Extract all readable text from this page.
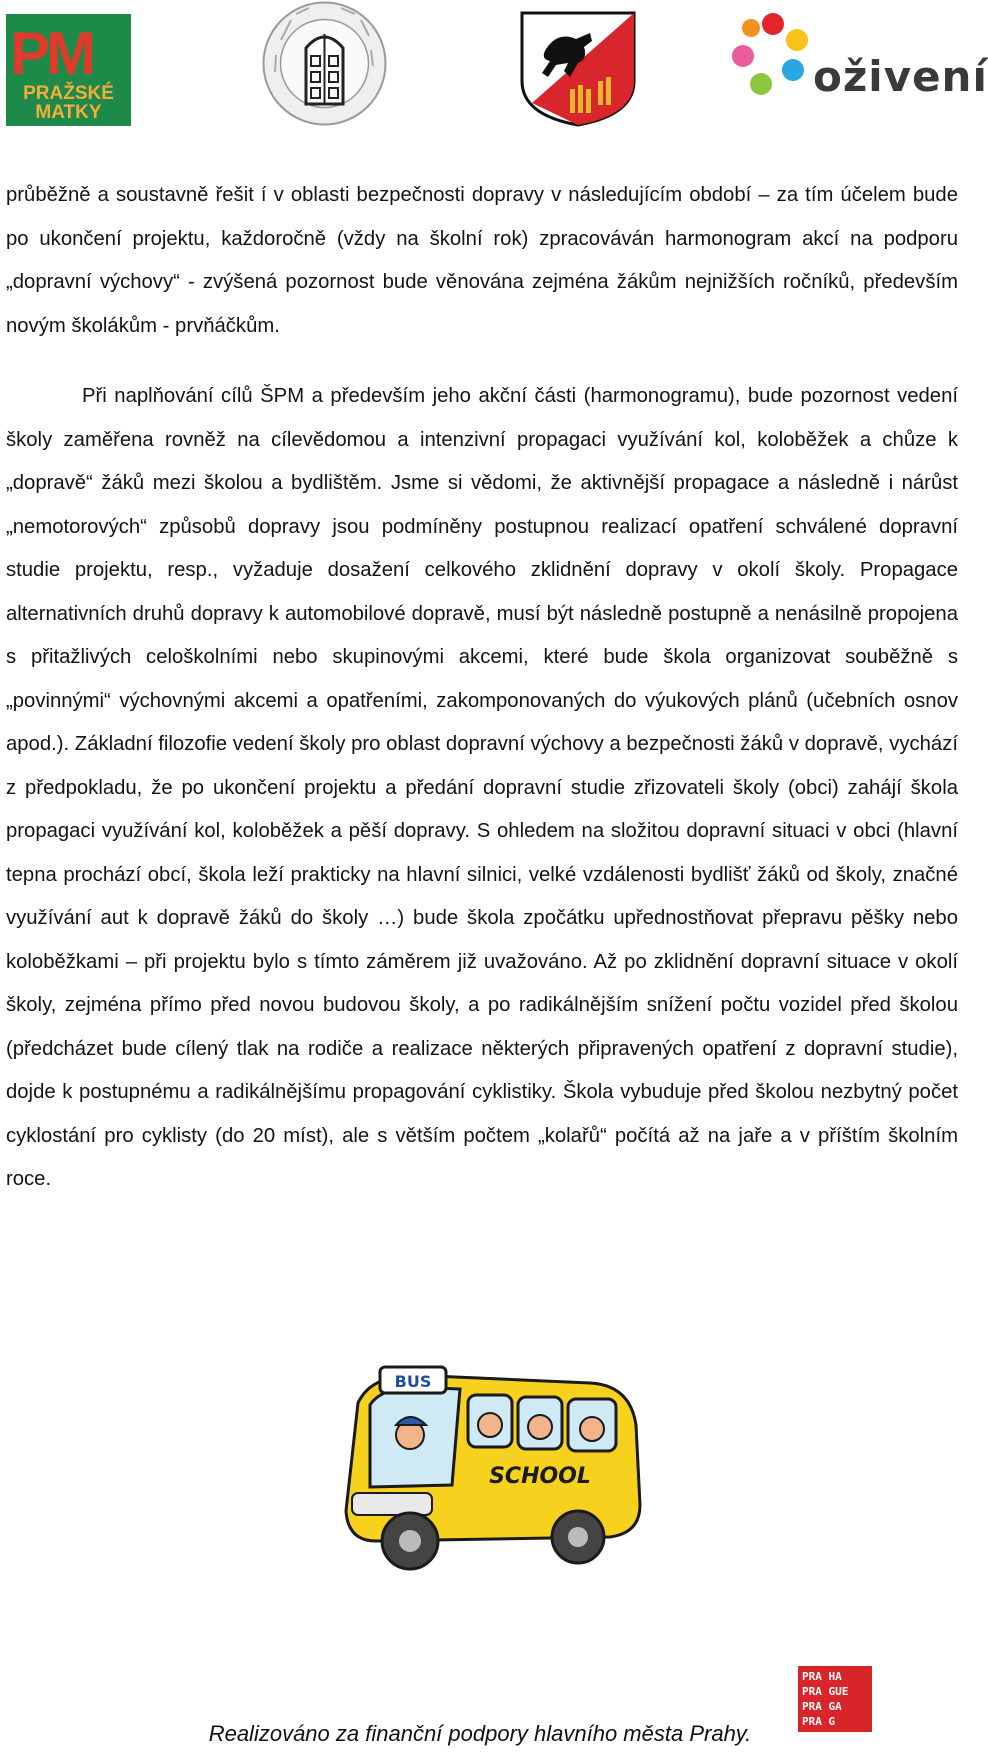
PM
PRAŽSKÉ
MATKY
oživení

průběžně a soustavně řešit í v oblasti bezpečnosti dopravy v následujícím období – za tím účelem bude po ukončení projektu, každoročně (vždy na školní rok) zpracováván harmonogram akcí na podporu „dopravní výchovy“ - zvýšená pozornost bude věnována zejména žákům nejnižších ročníků, především novým školákům - prvňáčkům.

Při naplňování cílů ŠPM a především jeho akční části (harmonogramu), bude pozornost vedení školy zaměřena rovněž na cílevědomou a intenzivní propagaci využívání kol, koloběžek a chůze k „dopravě“ žáků mezi školou a bydlištěm. Jsme si vědomi, že aktivnější propagace a následně i nárůst „nemotorových“ způsobů dopravy jsou podmíněny postupnou realizací opatření schválené dopravní studie projektu, resp., vyžaduje dosažení celkového zklidnění dopravy v okolí školy. Propagace alternativních druhů dopravy k automobilové dopravě, musí být následně postupně a nenásilně propojena s přitažlivých celoškolními nebo skupinovými akcemi, které bude škola organizovat souběžně s „povinnými“ výchovnými akcemi a opatřeními, zakomponovaných do výukových plánů (učebních osnov apod.). Základní filozofie vedení školy pro oblast dopravní výchovy a bezpečnosti žáků v dopravě, vychází z předpokladu, že po ukončení projektu a předání dopravní studie zřizovateli školy (obci) zahájí škola propagaci využívání kol, koloběžek a pěší dopravy. S ohledem na složitou dopravní situaci v obci (hlavní tepna prochází obcí, škola leží prakticky na hlavní silnici, velké vzdálenosti bydlišť žáků od školy, značné využívání aut k dopravě žáků do školy …) bude škola zpočátku upřednostňovat přepravu pěšky nebo koloběžkami – při projektu bylo s tímto záměrem již uvažováno. Až po zklidnění dopravní situace v okolí školy, zejména přímo před novou budovou školy, a po radikálnějším snížení počtu vozidel před školou (předcházet bude cílený tlak na rodiče a realizace některých připravených opatření z dopravní studie), dojde k postupnému a radikálnějšímu propagování cyklistiky. Škola vybuduje před školou nezbytný počet cyklostání pro cyklisty (do 20 míst), ale s větším počtem „kolařů“ počítá až na jaře a v příštím školním roce.

BUS
SCHOOL
PRA HA
PRA GUE
PRA GA
PRA G
Realizováno za finanční podpory hlavního města Prahy.
